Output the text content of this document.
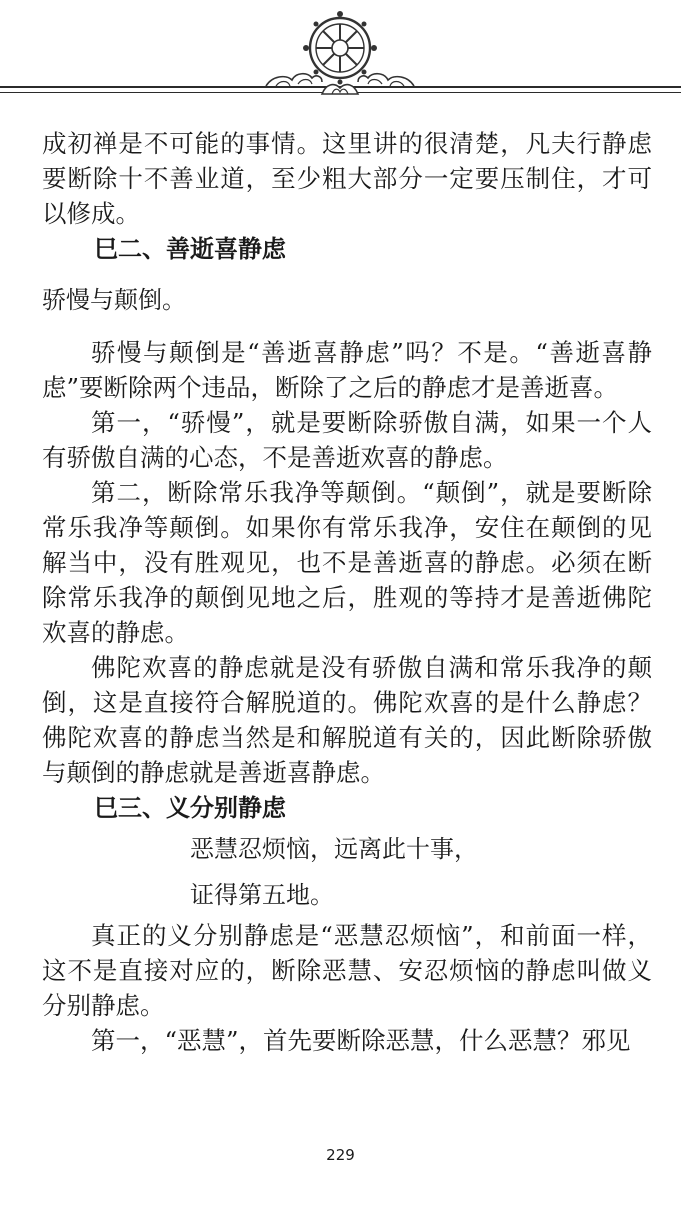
成初禅是不可能的事情。这里讲的很清楚，凡夫行静虑要断除十不善业道，至少粗大部分一定要压制住，才可以修成。

巳二、善逝喜静虑

骄慢与颠倒。

骄慢与颠倒是“善逝喜静虑”吗？不是。“善逝喜静虑”要断除两个违品，断除了之后的静虑才是善逝喜。

第一，“骄慢”，就是要断除骄傲自满，如果一个人有骄傲自满的心态，不是善逝欢喜的静虑。

第二，断除常乐我净等颠倒。“颠倒”，就是要断除常乐我净等颠倒。如果你有常乐我净，安住在颠倒的见解当中，没有胜观见，也不是善逝喜的静虑。必须在断除常乐我净的颠倒见地之后，胜观的等持才是善逝佛陀欢喜的静虑。

佛陀欢喜的静虑就是没有骄傲自满和常乐我净的颠倒，这是直接符合解脱道的。佛陀欢喜的是什么静虑？佛陀欢喜的静虑当然是和解脱道有关的，因此断除骄傲与颠倒的静虑就是善逝喜静虑。

巳三、义分别静虑

恶慧忍烦恼，远离此十事，

证得第五地。

真正的义分别静虑是“恶慧忍烦恼”，和前面一样，这不是直接对应的，断除恶慧、安忍烦恼的静虑叫做义分别静虑。

第一，“恶慧”，首先要断除恶慧，什么恶慧？邪见

229
